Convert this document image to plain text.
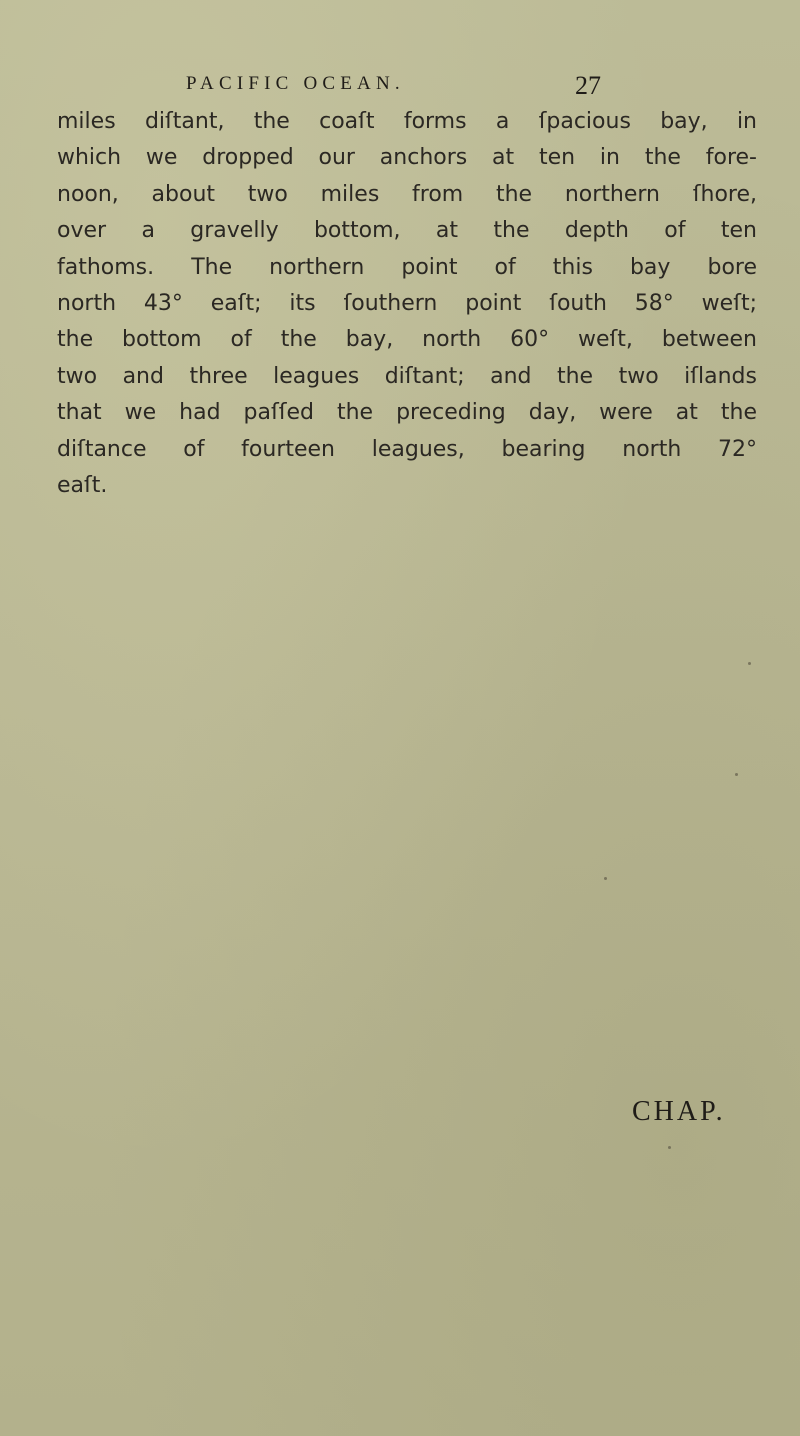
PACIFIC OCEAN.	27
miles diſtant, the coaſt forms a ſpacious bay, in
which we dropped our anchors at ten in the fore-
noon, about two miles from the northern ſhore,
over a gravelly bottom, at the depth of ten
fathoms. The northern point of this bay bore
north 43° eaſt; its ſouthern point ſouth 58° weſt;
the bottom of the bay, north 60° weſt, between
two and three leagues diſtant; and the two iſlands
that we had paſſed the preceding day, were at the
diſtance of fourteen leagues, bearing north 72°
eaſt.
CHAP.
